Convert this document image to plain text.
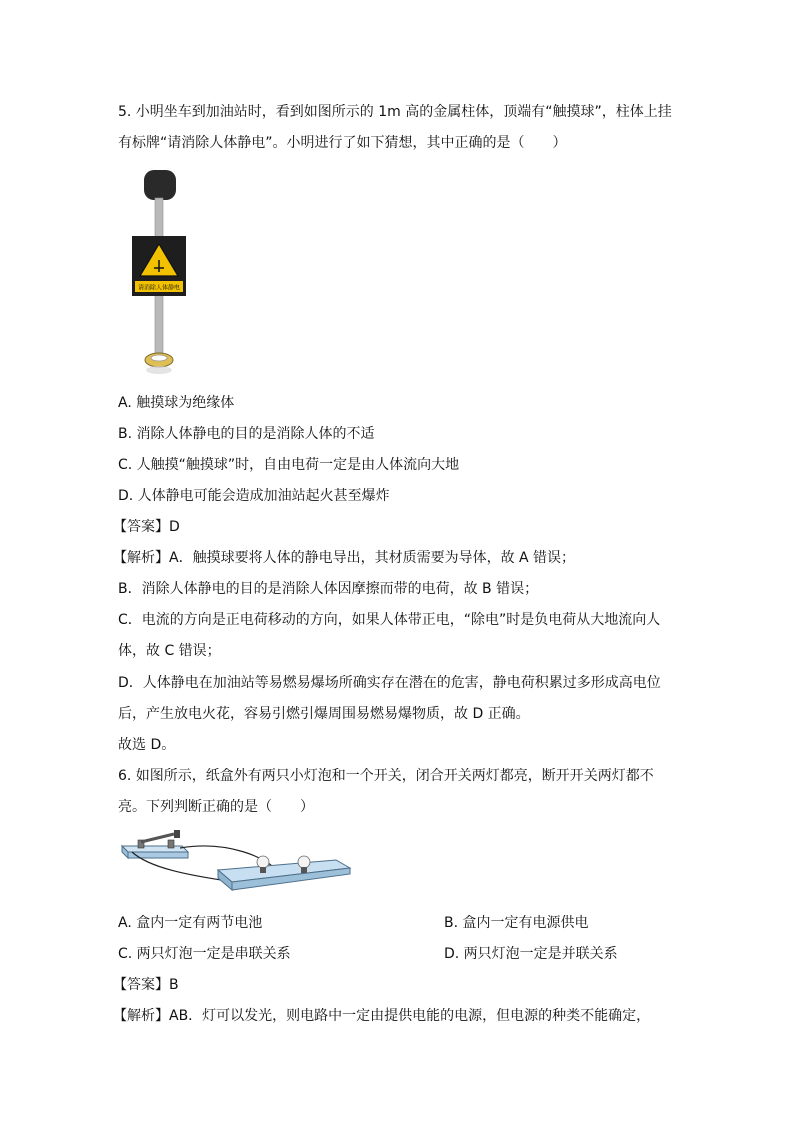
5. 小明坐车到加油站时，看到如图所示的 1m 高的金属柱体，顶端有“触摸球”，柱体上挂
有标牌“请消除人体静电”。小明进行了如下猜想，其中正确的是（　　）
请消除人体静电
A. 触摸球为绝缘体
B. 消除人体静电的目的是消除人体的不适
C. 人触摸“触摸球”时，自由电荷一定是由人体流向大地
D. 人体静电可能会造成加油站起火甚至爆炸
【答案】D
【解析】A．触摸球要将人体的静电导出，其材质需要为导体，故 A 错误；
B．消除人体静电的目的是消除人体因摩擦而带的电荷，故 B 错误；
C．电流的方向是正电荷移动的方向，如果人体带正电，“除电”时是负电荷从大地流向人
体，故 C 错误；
D．人体静电在加油站等易燃易爆场所确实存在潜在的危害，静电荷积累过多形成高电位
后，产生放电火花，容易引燃引爆周围易燃易爆物质，故 D 正确。
故选 D。
6. 如图所示，纸盒外有两只小灯泡和一个开关，闭合开关两灯都亮，断开开关两灯都不
亮。下列判断正确的是（　　）
A. 盒内一定有两节电池	B. 盒内一定有电源供电
C. 两只灯泡一定是串联关系	D. 两只灯泡一定是并联关系
【答案】B
【解析】AB．灯可以发光，则电路中一定由提供电能的电源，但电源的种类不能确定，
